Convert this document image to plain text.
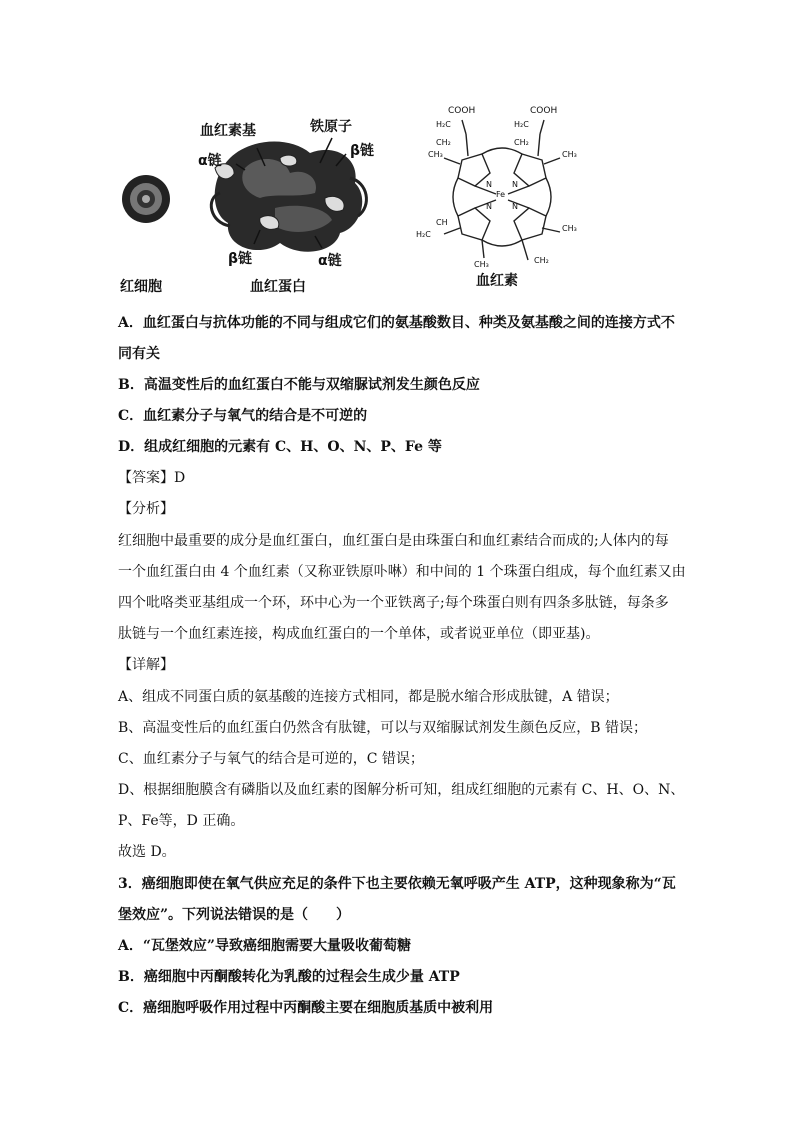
血红素基	铁原子
α链
β链
β链	α链
红细胞	血红蛋白	血红素
COOH	COOH
H₂C
CH₂
H₂C
CH₂
CH₃	CH₃
H₂C
CH
CH₃
CH₃
CH₂
N	N
N	N
Fe
A．血红蛋白与抗体功能的不同与组成它们的氨基酸数目、种类及氨基酸之间的连接方式不
同有关
B．高温变性后的血红蛋白不能与双缩脲试剂发生颜色反应
C．血红素分子与氧气的结合是不可逆的
D．组成红细胞的元素有 C、H、O、N、P、Fe 等
【答案】D
【分析】
红细胞中最重要的成分是血红蛋白，血红蛋白是由珠蛋白和血红素结合而成的;人体内的每
一个血红蛋白由 4 个血红素（又称亚铁原卟啉）和中间的 1 个珠蛋白组成，每个血红素又由
四个吡咯类亚基组成一个环，环中心为一个亚铁离子;每个珠蛋白则有四条多肽链，每条多
肽链与一个血红素连接，构成血红蛋白的一个单体，或者说亚单位（即亚基)。
【详解】
A、组成不同蛋白质的氨基酸的连接方式相同，都是脱水缩合形成肽键，A 错误；
B、高温变性后的血红蛋白仍然含有肽键，可以与双缩脲试剂发生颜色反应，B 错误；
C、血红素分子与氧气的结合是可逆的，C 错误；
D、根据细胞膜含有磷脂以及血红素的图解分析可知，组成红细胞的元素有 C、H、O、N、
P、Fe等，D 正确。
故选 D。
3．癌细胞即使在氧气供应充足的条件下也主要依赖无氧呼吸产生 ATP，这种现象称为“瓦
堡效应”。下列说法错误的是（　　）
A．“瓦堡效应”导致癌细胞需要大量吸收葡萄糖
B．癌细胞中丙酮酸转化为乳酸的过程会生成少量 ATP
C．癌细胞呼吸作用过程中丙酮酸主要在细胞质基质中被利用
